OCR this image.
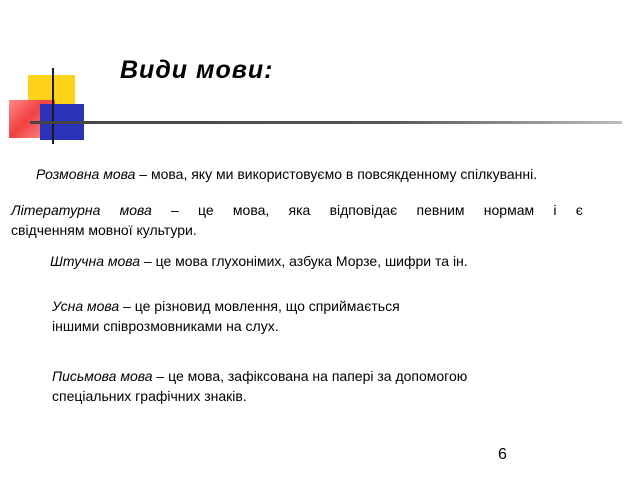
Види мови:
Розмовна мова – мова, яку ми використовуємо в повсякденному спілкуванні.
Літературна мова – це мова, яка відповідає певним нормам і є
свідченням мовної культури.
Штучна мова – це мова глухонімих, азбука Морзе, шифри та ін.
Усна мова – це різновид мовлення, що сприймається
іншими співрозмовниками на слух.
Письмова мова – це мова, зафіксована на папері за допомогою
спеціальних графічних знаків.
6
